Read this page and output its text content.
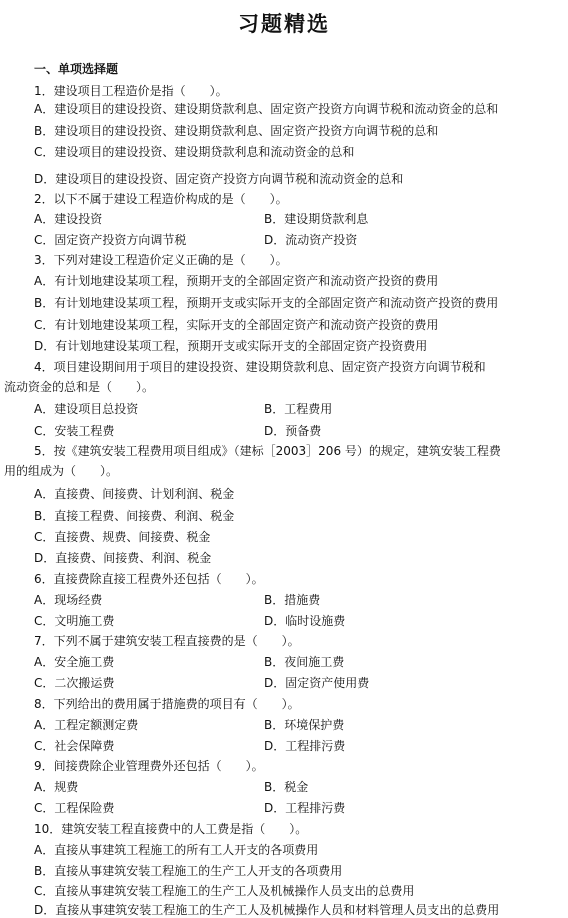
习题精选
一、单项选择题
1．建设项目工程造价是指（　　）。
A．建设项目的建设投资、建设期贷款利息、固定资产投资方向调节税和流动资金的总和
B．建设项目的建设投资、建设期贷款利息、固定资产投资方向调节税的总和
C．建设项目的建设投资、建设期贷款利息和流动资金的总和
D．建设项目的建设投资、固定资产投资方向调节税和流动资金的总和
2．以下不属于建设工程造价构成的是（　　）。
A．建设投资	B．建设期贷款利息
C．固定资产投资方向调节税	D．流动资产投资
3．下列对建设工程造价定义正确的是（　　）。
A．有计划地建设某项工程，预期开支的全部固定资产和流动资产投资的费用
B．有计划地建设某项工程，预期开支或实际开支的全部固定资产和流动资产投资的费用
C．有计划地建设某项工程，实际开支的全部固定资产和流动资产投资的费用
D．有计划地建设某项工程，预期开支或实际开支的全部固定资产投资费用
4．项目建设期间用于项目的建设投资、建设期贷款利息、固定资产投资方向调节税和
流动资金的总和是（　　）。
A．建设项目总投资	B．工程费用
C．安装工程费	D．预备费
5．按《建筑安装工程费用项目组成》（建标［2003］206 号）的规定，建筑安装工程费
用的组成为（　　）。
A．直接费、间接费、计划利润、税金
B．直接工程费、间接费、利润、税金
C．直接费、规费、间接费、税金
D．直接费、间接费、利润、税金
6．直接费除直接工程费外还包括（　　）。
A．现场经费	B．措施费
C．文明施工费	D．临时设施费
7．下列不属于建筑安装工程直接费的是（　　）。
A．安全施工费	B．夜间施工费
C．二次搬运费	D．固定资产使用费
8．下列给出的费用属于措施费的项目有（　　）。
A．工程定额测定费	B．环境保护费
C．社会保障费	D．工程排污费
9．间接费除企业管理费外还包括（　　）。
A．规费	B．税金
C．工程保险费	D．工程排污费
10．建筑安装工程直接费中的人工费是指（　　）。
A．直接从事建筑工程施工的所有工人开支的各项费用
B．直接从事建筑安装工程施工的生产工人开支的各项费用
C．直接从事建筑安装工程施工的生产工人及机械操作人员支出的总费用
D．直接从事建筑安装工程施工的生产工人及机械操作人员和材料管理人员支出的总费用
